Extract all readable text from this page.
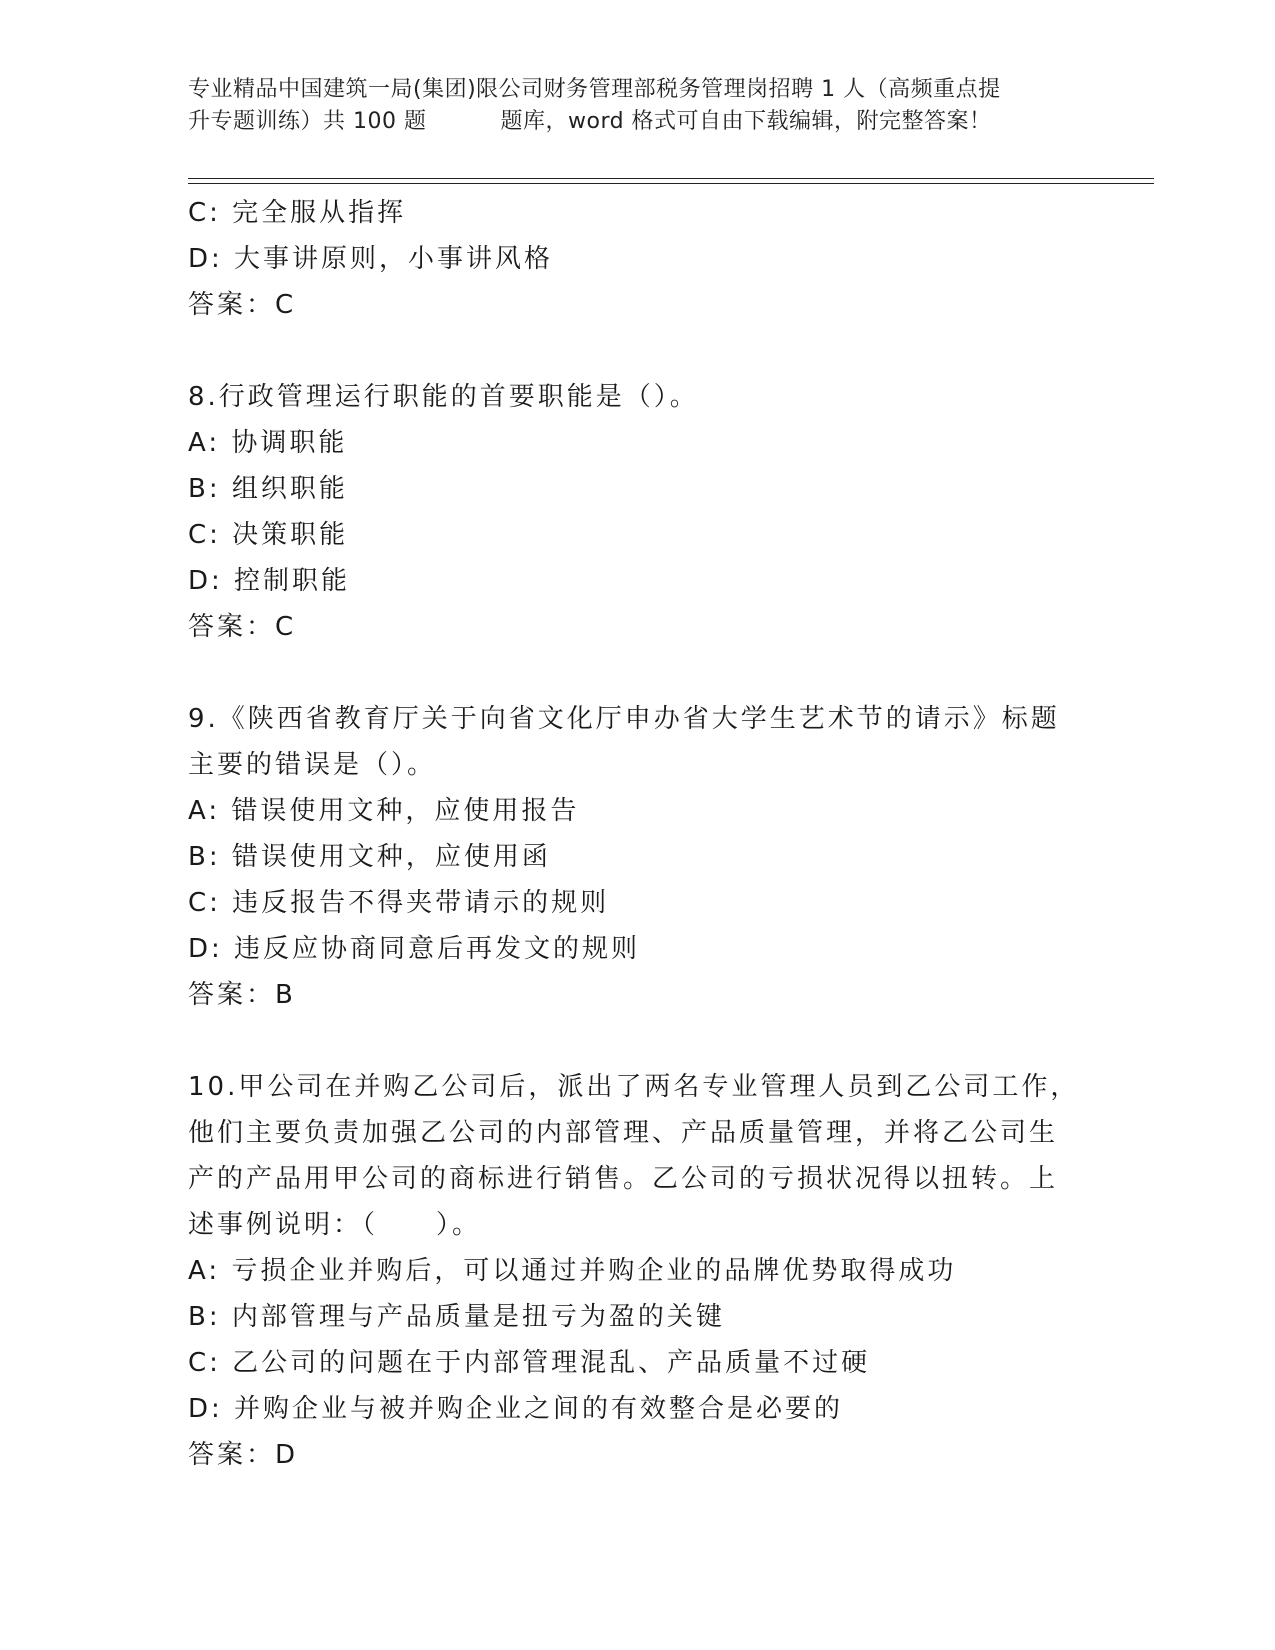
专业精品中国建筑一局(集团)限公司财务管理部税务管理岗招聘 1 人（高频重点提
升专题训练）共 100 题	题库，word 格式可自由下载编辑，附完整答案！
C: 完全服从指挥
D: 大事讲原则，小事讲风格
答案：C
8.行政管理运行职能的首要职能是（）。
A: 协调职能
B: 组织职能
C: 决策职能
D: 控制职能
答案：C
9.《陕西省教育厅关于向省文化厅申办省大学生艺术节的请示》标题
主要的错误是（）。
A: 错误使用文种，应使用报告
B: 错误使用文种，应使用函
C: 违反报告不得夹带请示的规则
D: 违反应协商同意后再发文的规则
答案：B
10.甲公司在并购乙公司后，派出了两名专业管理人员到乙公司工作，
他们主要负责加强乙公司的内部管理、产品质量管理，并将乙公司生
产的产品用甲公司的商标进行销售。乙公司的亏损状况得以扭转。上
述事例说明：（　　）。
A: 亏损企业并购后，可以通过并购企业的品牌优势取得成功
B: 内部管理与产品质量是扭亏为盈的关键
C: 乙公司的问题在于内部管理混乱、产品质量不过硬
D: 并购企业与被并购企业之间的有效整合是必要的
答案：D
